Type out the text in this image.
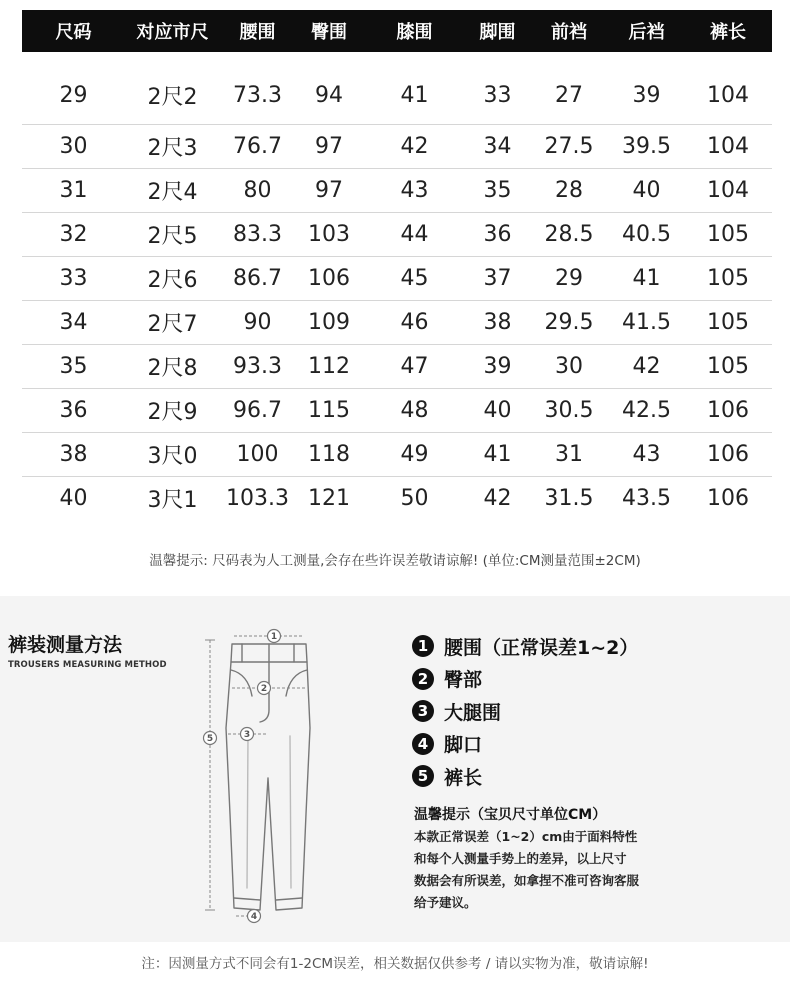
尺码	对应市尺	腰围	臀围	膝围	脚围	前裆	后裆	裤长
29	2尺2	73.3	94	41	33	27	39	104
30	2尺3	76.7	97	42	34	27.5	39.5	104
31	2尺4	80	97	43	35	28	40	104
32	2尺5	83.3	103	44	36	28.5	40.5	105
33	2尺6	86.7	106	45	37	29	41	105
34	2尺7	90	109	46	38	29.5	41.5	105
35	2尺8	93.3	112	47	39	30	42	105
36	2尺9	96.7	115	48	40	30.5	42.5	106
38	3尺0	100	118	49	41	31	43	106
40	3尺1	103.3	121	50	42	31.5	43.5	106
温馨提示: 尺码表为人工测量,会存在些许误差敬请谅解! (单位:CM测量范围±2CM)
裤装测量方法
TROUSERS MEASURING METHOD
1
2
3
4
5
1 腰围（正常误差1~2）
2 臀部
3 大腿围
4 脚口
5 裤长
温馨提示（宝贝尺寸单位CM）
本款正常误差（1~2）cm由于面料特性
和每个人测量手势上的差异，以上尺寸
数据会有所误差，如拿捏不准可咨询客服
给予建议。
注：因测量方式不同会有1-2CM误差，相关数据仅供参考 / 请以实物为准，敬请谅解!
